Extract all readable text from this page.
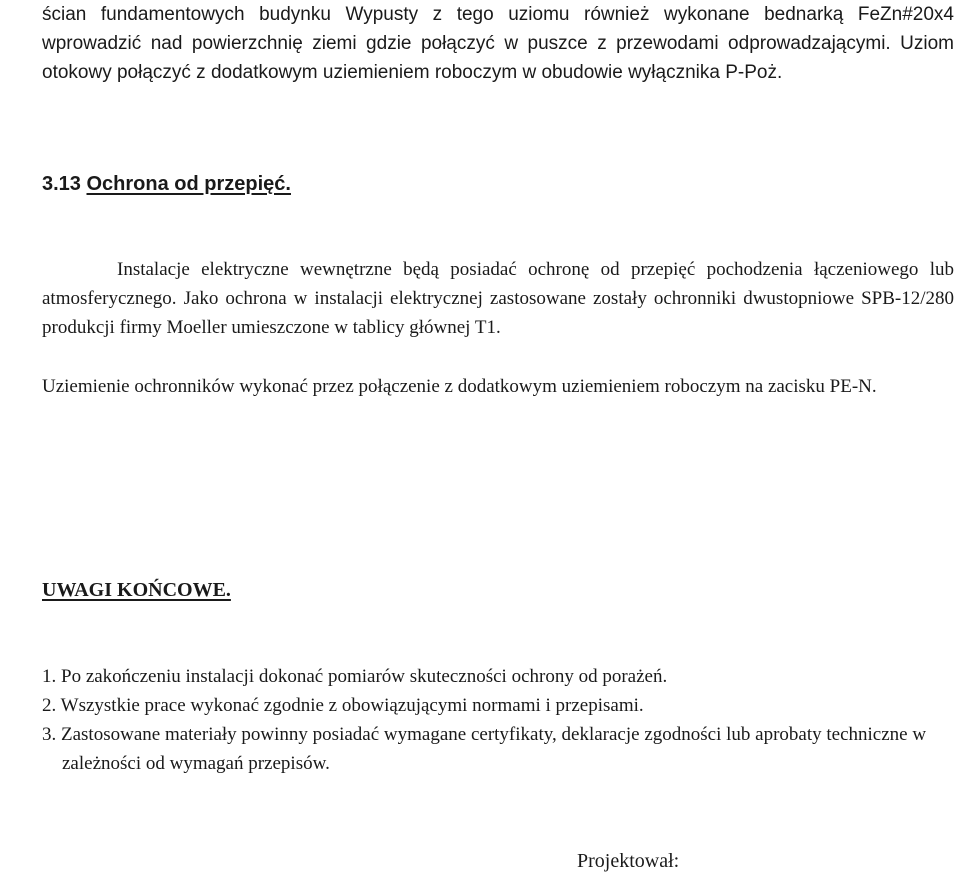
ścian fundamentowych budynku Wypusty z tego uziomu również wykonane bednarką FeZn#20x4 wprowadzić nad powierzchnię ziemi gdzie połączyć w puszce z przewodami odprowadzającymi. Uziom otokowy połączyć z dodatkowym uziemieniem roboczym w obudowie wyłącznika P-Poż.

3.13 Ochrona od przepięć.

Instalacje elektryczne wewnętrzne będą posiadać ochronę od przepięć pochodzenia łączeniowego lub atmosferycznego. Jako ochrona w instalacji elektrycznej zastosowane zostały ochronniki dwustopniowe SPB-12/280 produkcji firmy Moeller umieszczone w tablicy głównej T1.

Uziemienie ochronników wykonać przez połączenie z dodatkowym uziemieniem roboczym na zacisku PE-N.

UWAGI KOŃCOWE.
1. Po zakończeniu instalacji dokonać pomiarów skuteczności ochrony od porażeń.
2. Wszystkie prace wykonać zgodnie z obowiązującymi normami i przepisami.
3. Zastosowane materiały powinny posiadać wymagane certyfikaty, deklaracje zgodności lub aprobaty techniczne w zależności od wymagań przepisów.

Projektował:
